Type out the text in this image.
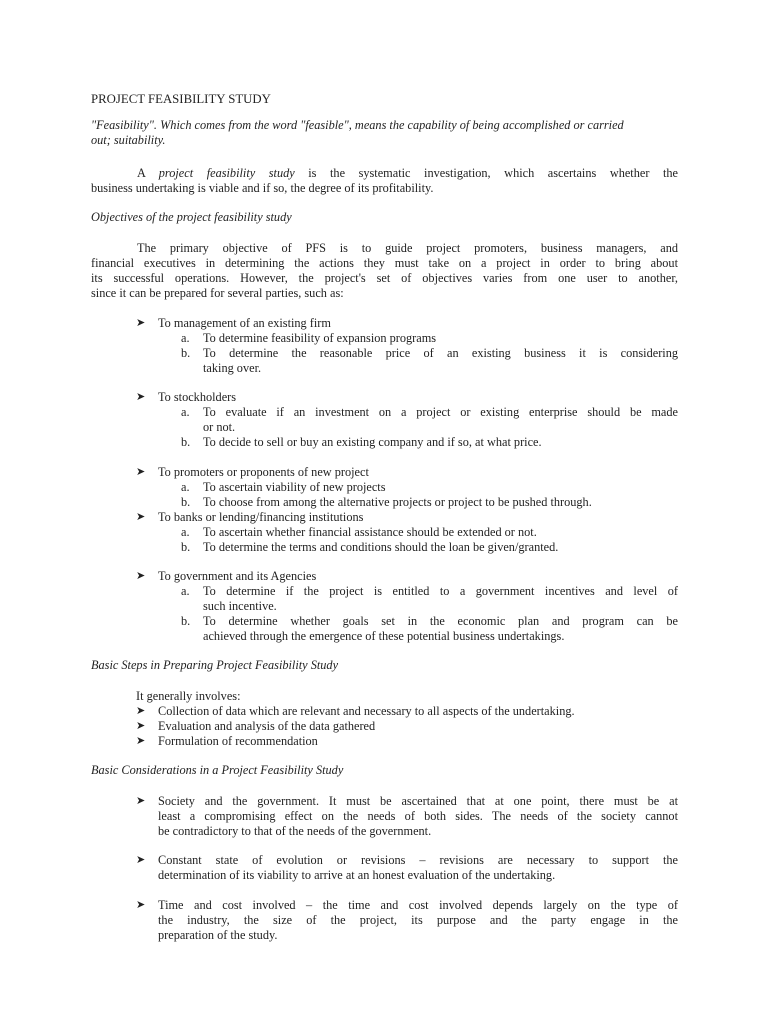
PROJECT FEASIBILITY STUDY
"Feasibility". Which comes from the word "feasible", means the capability of being accomplished or carried
out; suitability.
A project feasibility study is the systematic investigation, which ascertains whether the
business undertaking is viable and if so, the degree of its profitability.
Objectives of the project feasibility study
The primary objective of PFS is to guide project promoters, business managers, and
financial executives in determining the actions they must take on a project in order to bring about
its successful operations. However, the project's set of objectives varies from one user to another,
since it can be prepared for several parties, such as:
➤ To management of an existing firm
a. To determine feasibility of expansion programs
b. To determine the reasonable price of an existing business it is considering
taking over.
➤ To stockholders
a. To evaluate if an investment on a project or existing enterprise should be made
or not.
b. To decide to sell or buy an existing company and if so, at what price.
➤ To promoters or proponents of new project
a. To ascertain viability of new projects
b. To choose from among the alternative projects or project to be pushed through.
➤ To banks or lending/financing institutions
a. To ascertain whether financial assistance should be extended or not.
b. To determine the terms and conditions should the loan be given/granted.
➤ To government and its Agencies
a. To determine if the project is entitled to a government incentives and level of
such incentive.
b. To determine whether goals set in the economic plan and program can be
achieved through the emergence of these potential business undertakings.
Basic Steps in Preparing Project Feasibility Study
It generally involves:
➤ Collection of data which are relevant and necessary to all aspects of the undertaking.
➤ Evaluation and analysis of the data gathered
➤ Formulation of recommendation
Basic Considerations in a Project Feasibility Study
➤ Society and the government. It must be ascertained that at one point, there must be at
least a compromising effect on the needs of both sides. The needs of the society cannot
be contradictory to that of the needs of the government.
➤ Constant state of evolution or revisions – revisions are necessary to support the
determination of its viability to arrive at an honest evaluation of the undertaking.
➤ Time and cost involved – the time and cost involved depends largely on the type of
the industry, the size of the project, its purpose and the party engage in the
preparation of the study.
